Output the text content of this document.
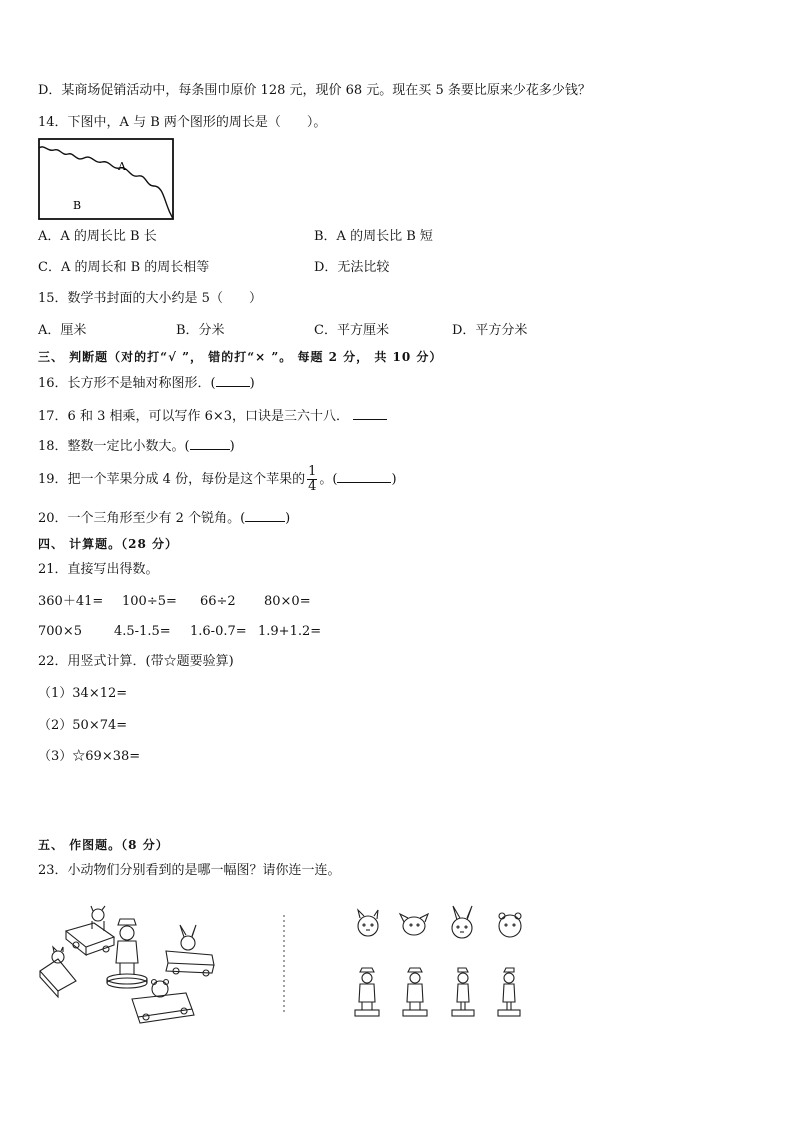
D．某商场促销活动中，每条围巾原价 128 元，现价 68 元。现在买 5 条要比原来少花多少钱？
14．下图中，A 与 B 两个图形的周长是（　　）。
A
B
A．A 的周长比 B 长	B．A 的周长比 B 短
C．A 的周长和 B 的周长相等	D．无法比较
15．数学书封面的大小约是 5（　　）
A．厘米	B．分米	C．平方厘米	D．平方分米
三、 判断题（对的打“√ ”， 错的打“× ”。 每题 2 分， 共 10 分）
16．长方形不是轴对称图形．(	)
17．6 和 3 相乘，可以写作 6×3，口诀是三六十八．
18．整数一定比小数大。(	)
19．把一个苹果分成 4 份，每份是这个苹果的 $\frac{1}{4}$ 。(	)
20．一个三角形至少有 2 个锐角。(	)
四、 计算题。（28 分）
21．直接写出得数。
360＋41= 100÷5= 66÷2 80×0=
700×5 4.5-1.5= 1.6-0.7= 1.9+1.2=
22．用竖式计算．(带☆题要验算)
（1）34×12=
（2）50×74=
（3）☆69×38=
五、 作图题。（8 分）
23．小动物们分别看到的是哪一幅图？请你连一连。
